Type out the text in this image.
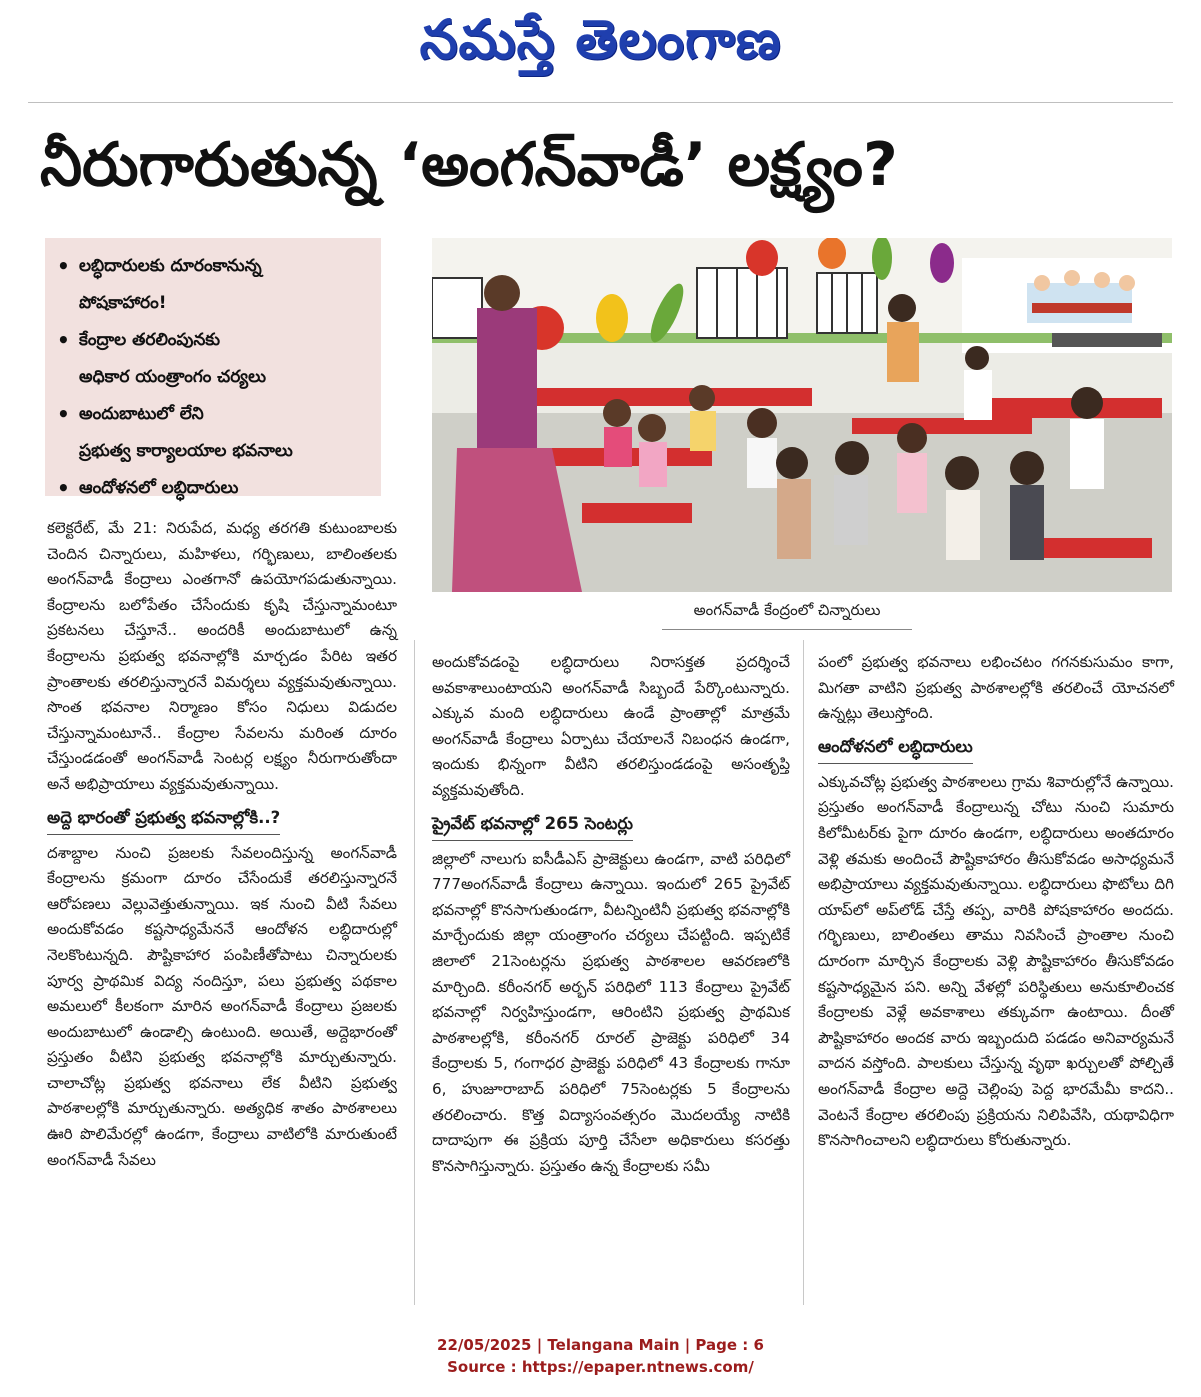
నమస్తే తెలంగాణ
నీరుగారుతున్న ‘అంగన్‌వాడీ’ లక్ష్యం?
• లబ్ధిదారులకు దూరంకానున్న
పోషకాహారం!
• కేంద్రాల తరలింపునకు
అధికార యంత్రాంగం చర్యలు
• అందుబాటులో లేని
ప్రభుత్వ కార్యాలయాల భవనాలు
• ఆందోళనలో లబ్ధిదారులు
అంగన్‌వాడీ కేంద్రంలో చిన్నారులు

కలెక్టరేట్‌, మే 21: నిరుపేద, మధ్య తరగతి కుటుంబాలకు చెందిన చిన్నారులు, మహిళలు, గర్భిణులు, బాలింతలకు అంగన్‌వాడీ కేంద్రాలు ఎంతగానో ఉపయోగపడుతున్నాయి. కేంద్రాలను బలోపేతం చేసేందుకు కృషి చేస్తున్నామంటూ ప్రకటనలు చేస్తూనే.. అందరికీ అందుబాటులో ఉన్న కేంద్రాలను ప్రభుత్వ భవనాల్లోకి మార్చడం పేరిట ఇతర ప్రాంతాలకు తరలిస్తున్నారనే విమర్శలు వ్యక్తమవుతున్నాయి. సొంత భవనాల నిర్మాణం కోసం నిధులు విడుదల చేస్తున్నామంటూనే.. కేంద్రాల సేవలను మరింత దూరం చేస్తుండడంతో అంగన్‌వాడీ సెంటర్ల లక్ష్యం నీరుగారుతోందా అనే అభిప్రాయాలు వ్యక్తమవుతున్నాయి.

అద్దె భారంతో ప్రభుత్వ భవనాల్లోకి..?

దశాబ్దాల నుంచి ప్రజలకు సేవలందిస్తున్న అంగన్‌వాడీ కేంద్రాలను క్రమంగా దూరం చేసేందుకే తరలిస్తున్నారనే ఆరోపణలు వెల్లువెత్తుతున్నాయి. ఇక నుంచి వీటి సేవలు అందుకోవడం కష్టసాధ్యమేననే ఆందోళన లబ్ధిదారుల్లో నెలకొంటున్నది. పౌష్టికాహార పంపిణీతోపాటు చిన్నారులకు పూర్వ ప్రాథమిక విద్య నందిస్తూ, పలు ప్రభుత్వ పథకాల అమలులో కీలకంగా మారిన అంగన్‌వాడీ కేంద్రాలు ప్రజలకు అందుబాటులో ఉండాల్సి ఉంటుంది. అయితే, అద్దెభారంతో ప్రస్తుతం వీటిని ప్రభుత్వ భవనాల్లోకి మార్చుతున్నారు. చాలాచోట్ల ప్రభుత్వ భవనాలు లేక వీటిని ప్రభుత్వ పాఠశాలల్లోకి మార్చుతున్నారు. అత్యధిక శాతం పాఠశాలలు ఊరి పొలిమేరల్లో ఉండగా, కేంద్రాలు వాటిలోకి మారుతుంటే అంగన్‌వాడీ సేవలు

అందుకోవడంపై లబ్ధిదారులు నిరాసక్తత ప్రదర్శించే అవకాశాలుంటాయని అంగన్‌వాడీ సిబ్బందే పేర్కొంటున్నారు. ఎక్కువ మంది లబ్ధిదారులు ఉండే ప్రాంతాల్లో మాత్రమే అంగన్‌వాడీ కేంద్రాలు ఏర్పాటు చేయాలనే నిబంధన ఉండగా, ఇందుకు భిన్నంగా వీటిని తరలిస్తుండడంపై అసంతృప్తి వ్యక్తమవుతోంది.

ప్రైవేట్‌ భవనాల్లో 265 సెంటర్లు

జిల్లాలో నాలుగు ఐసీడీఎస్‌ ప్రాజెక్టులు ఉండగా, వాటి పరిధిలో 777అంగన్‌వాడీ కేంద్రాలు ఉన్నాయి. ఇందులో 265 ప్రైవేట్‌ భవనాల్లో కొనసాగుతుండగా, వీటన్నింటినీ ప్రభుత్వ భవనాల్లోకి మార్చేందుకు జిల్లా యంత్రాంగం చర్యలు చేపట్టింది. ఇప్పటికే జిలాలో 21సెంటర్లను ప్రభుత్వ పాఠశాలల ఆవరణలోకి మార్చింది. కరీంనగర్‌ అర్బన్‌ పరిధిలో 113 కేంద్రాలు ప్రైవేట్‌ భవనాల్లో నిర్వహిస్తుండగా, ఆరింటిని ప్రభుత్వ ప్రాథమిక పాఠశాలల్లోకి, కరీంనగర్‌ రూరల్‌ ప్రాజెక్టు పరిధిలో 34 కేంద్రాలకు 5, గంగాధర ప్రాజెక్టు పరిధిలో 43 కేంద్రాలకు గానూ 6, హుజూరాబాద్‌ పరిధిలో 75సెంటర్లకు 5 కేంద్రాలను తరలించారు. కొత్త విద్యాసంవత్సరం మొదలయ్యే నాటికి దాదాపుగా ఈ ప్రక్రియ పూర్తి చేసేలా అధికారులు కసరత్తు కొనసాగిస్తున్నారు. ప్రస్తుతం ఉన్న కేంద్రాలకు సమీ

పంలో ప్రభుత్వ భవనాలు లభించటం గగనకుసుమం కాగా, మిగతా వాటిని ప్రభుత్వ పాఠశాలల్లోకి తరలించే యోచనలో ఉన్నట్లు తెలుస్తోంది.

ఆందోళనలో లబ్ధిదారులు

ఎక్కువచోట్ల ప్రభుత్వ పాఠశాలలు గ్రామ శివారుల్లోనే ఉన్నాయి. ప్రస్తుతం అంగన్‌వాడీ కేంద్రాలున్న చోటు నుంచి సుమారు కిలోమీటర్‌కు పైగా దూరం ఉండగా, లబ్ధిదారులు అంతదూరం వెళ్లి తమకు అందించే పౌష్టికాహారం తీసుకోవడం అసాధ్యమనే అభిప్రాయాలు వ్యక్తమవుతున్నాయి. లబ్ధిదారులు ఫొటోలు దిగి యాప్‌లో అప్‌లోడ్‌ చేస్తే తప్ప, వారికి పోషకాహారం అందదు. గర్భిణులు, బాలింతలు తాము నివసించే ప్రాంతాల నుంచి దూరంగా మార్చిన కేంద్రాలకు వెళ్లి పౌష్టికాహారం తీసుకోవడం కష్టసాధ్యమైన పని. అన్ని వేళల్లో పరిస్థితులు అనుకూలించక కేంద్రాలకు వెళ్లే అవకాశాలు తక్కువగా ఉంటాయి. దీంతో పౌష్టికాహారం అందక వారు ఇబ్బందుది పడడం అనివార్యమనే వాదన వస్తోంది. పాలకులు చేస్తున్న వృథా ఖర్చులతో పోల్చితే అంగన్‌వాడీ కేంద్రాల అద్దె చెల్లింపు పెద్ద భారమేమీ కాదని.. వెంటనే కేంద్రాల తరలింపు ప్రక్రియను నిలిపివేసి, యథావిధిగా కొనసాగించాలని లబ్ధిదారులు కోరుతున్నారు.

22/05/2025 | Telangana Main | Page : 6
Source : https://epaper.ntnews.com/
